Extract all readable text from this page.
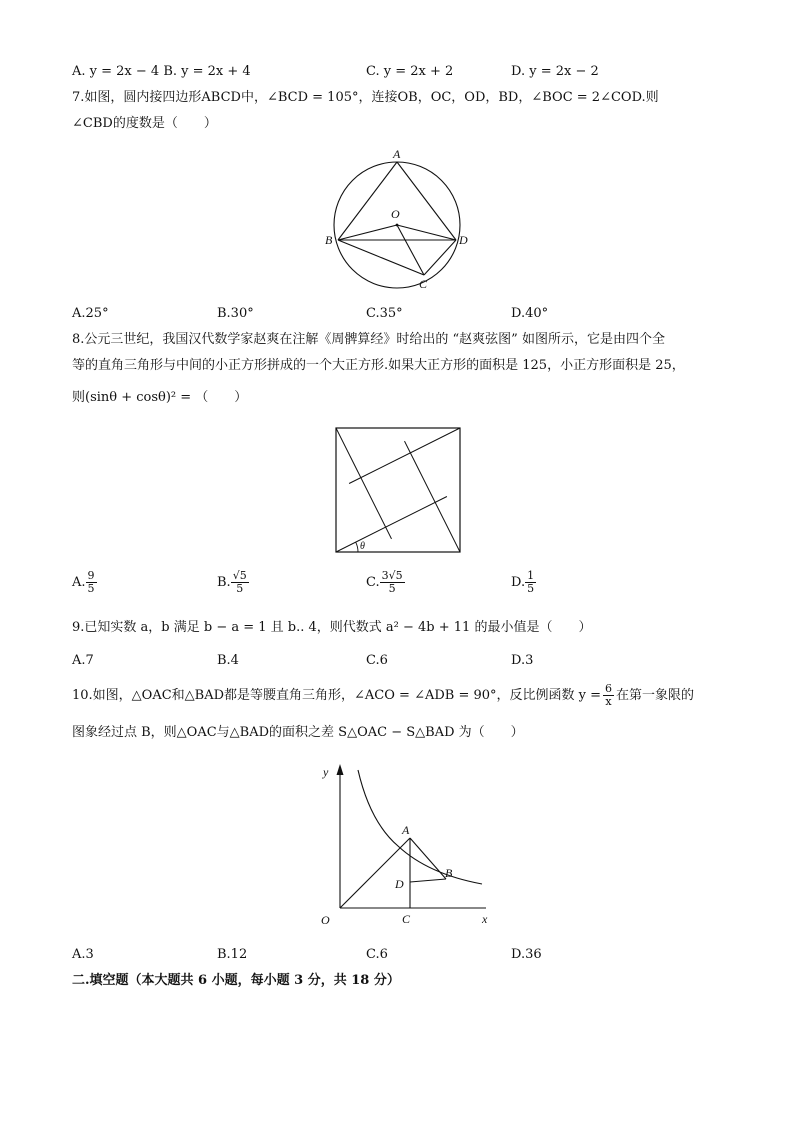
A. y = 2x − 4 B. y = 2x + 4	C. y = 2x + 2	D. y = 2x − 2
7.如图，圆内接四边形ABCD中，∠BCD = 105°，连接OB，OC，OD，BD，∠BOC = 2∠COD.则
∠CBD的度数是（　　）
A
O
B	D
C
A.25°	B.30°	C.35°	D.40°
8.公元三世纪，我国汉代数学家赵爽在注解《周髀算经》时给出的 “赵爽弦图” 如图所示，它是由四个全
等的直角三角形与中间的小正方形拼成的一个大正方形.如果大正方形的面积是 125，小正方形面积是 25，
则(sinθ + cosθ)² = （　　）
θ
A. $\frac{9}{5}$	B. $\frac{√5}{5}$	C. $\frac{3√5}{5}$	D. $\frac{1}{5}$
9.已知实数 a，b 满足 b − a = 1 且 b.. 4，则代数式 a² − 4b + 11 的最小值是（　　）
A.7	B.4	C.6	D.3
10.如图，△OAC和△BAD都是等腰直角三角形，∠ACO = ∠ADB = 90°，反比例函数 $y = \frac{6}{x}$ 在第一象限的
图象经过点 B，则△OAC与△BAD的面积之差 S△OAC − S△BAD 为（　　）
y
A
B
D
O	C	x
A.3	B.12	C.6	D.36
二.填空题（本大题共 6 小题，每小题 3 分，共 18 分）
